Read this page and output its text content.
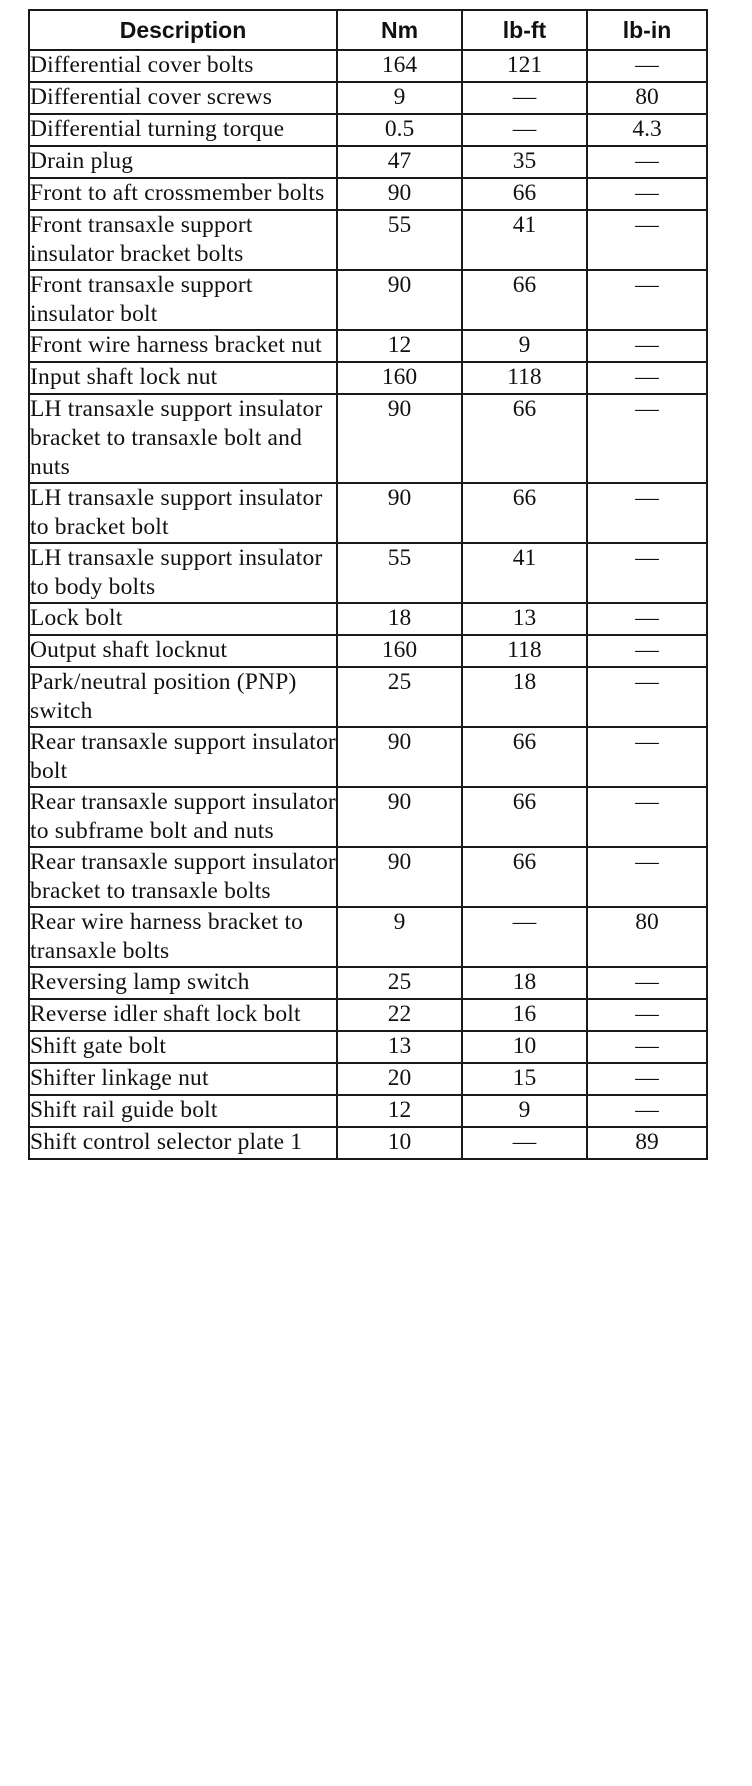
Description	Nm	lb-ft	lb-in
Differential cover bolts	164	121	—
Differential cover screws	9	—	80
Differential turning torque	0.5	—	4.3
Drain plug	47	35	—
Front to aft crossmember bolts	90	66	—
Front transaxle support insulator bracket bolts	55	41	—
Front transaxle support insulator bolt	90	66	—
Front wire harness bracket nut	12	9	—
Input shaft lock nut	160	118	—
LH transaxle support insulator bracket to transaxle bolt and nuts	90	66	—
LH transaxle support insulator to bracket bolt	90	66	—
LH transaxle support insulator to body bolts	55	41	—
Lock bolt	18	13	—
Output shaft locknut	160	118	—
Park/neutral position (PNP) switch	25	18	—
Rear transaxle support insulator bolt	90	66	—
Rear transaxle support insulator to subframe bolt and nuts	90	66	—
Rear transaxle support insulator bracket to transaxle bolts	90	66	—
Rear wire harness bracket to transaxle bolts	9	—	80
Reversing lamp switch	25	18	—
Reverse idler shaft lock bolt	22	16	—
Shift gate bolt	13	10	—
Shifter linkage nut	20	15	—
Shift rail guide bolt	12	9	—
Shift control selector plate 1	10	—	89
